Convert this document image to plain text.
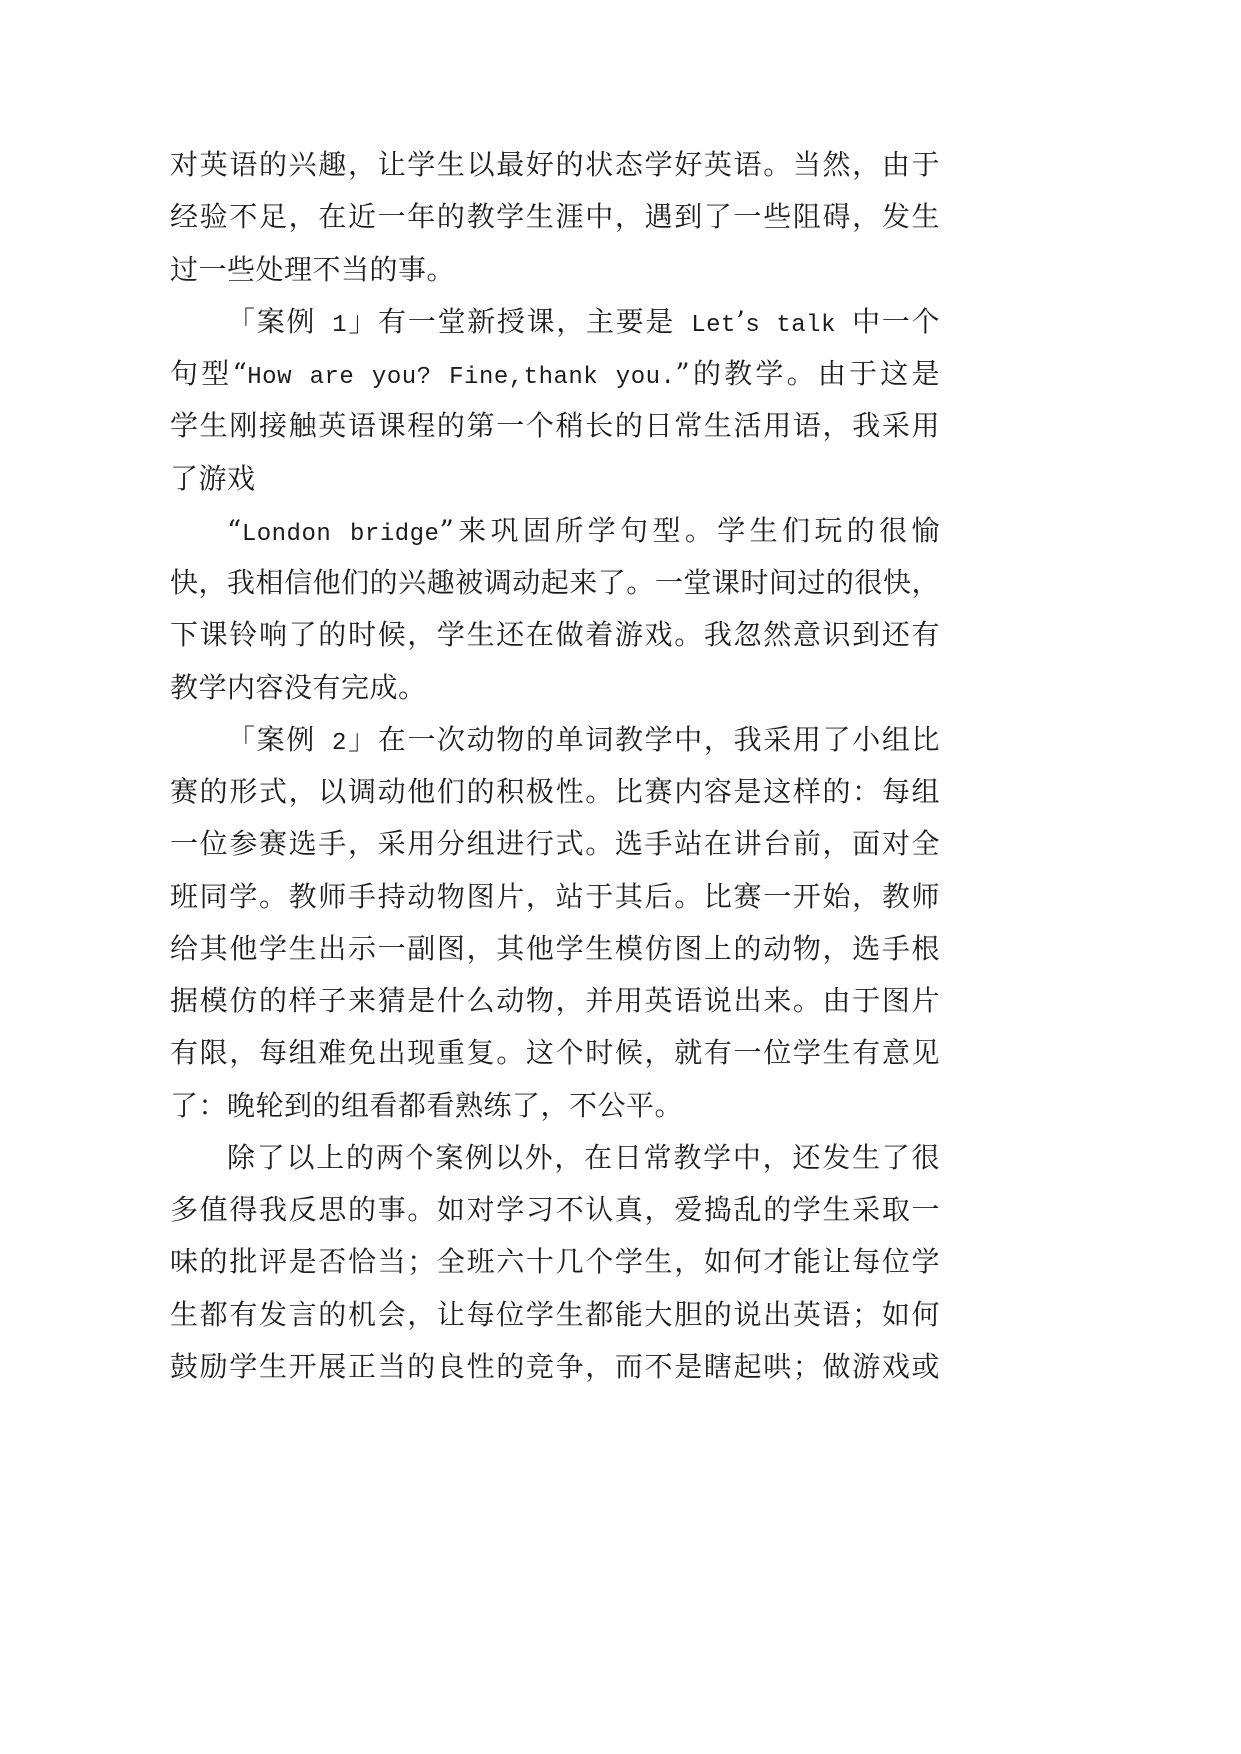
对英语的兴趣，让学生以最好的状态学好英语。当然，由于
经验不足，在近一年的教学生涯中，遇到了一些阻碍，发生
过一些处理不当的事。
「案例 1」有一堂新授课，主要是 Let’s talk 中一个
句型“How are you? Fine,thank you.”的教学。由于这是
学生刚接触英语课程的第一个稍长的日常生活用语，我采用
了游戏
“London bridge”来巩固所学句型。学生们玩的很愉
快，我相信他们的兴趣被调动起来了。一堂课时间过的很快，
下课铃响了的时候，学生还在做着游戏。我忽然意识到还有
教学内容没有完成。
「案例 2」在一次动物的单词教学中，我采用了小组比
赛的形式，以调动他们的积极性。比赛内容是这样的：每组
一位参赛选手，采用分组进行式。选手站在讲台前，面对全
班同学。教师手持动物图片，站于其后。比赛一开始，教师
给其他学生出示一副图，其他学生模仿图上的动物，选手根
据模仿的样子来猜是什么动物，并用英语说出来。由于图片
有限，每组难免出现重复。这个时候，就有一位学生有意见
了：晚轮到的组看都看熟练了，不公平。
除了以上的两个案例以外，在日常教学中，还发生了很
多值得我反思的事。如对学习不认真，爱捣乱的学生采取一
味的批评是否恰当；全班六十几个学生，如何才能让每位学
生都有发言的机会，让每位学生都能大胆的说出英语；如何
鼓励学生开展正当的良性的竞争，而不是瞎起哄；做游戏或
